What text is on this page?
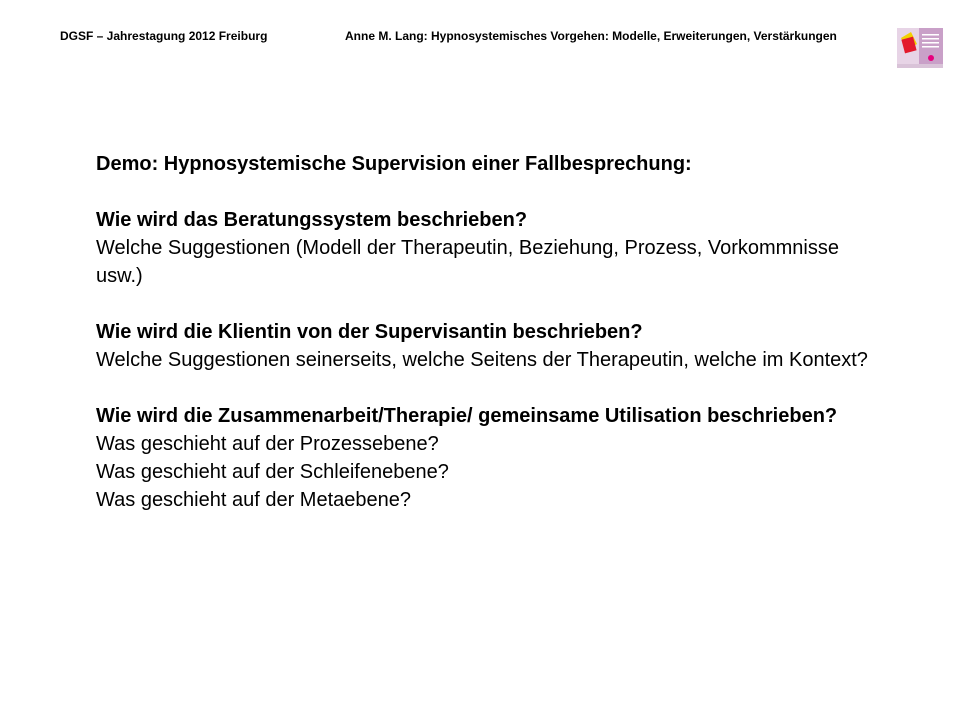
DGSF – Jahrestagung 2012 Freiburg	Anne M. Lang: Hypnosystemisches Vorgehen: Modelle, Erweiterungen, Verstärkungen

Demo: Hypnosystemische Supervision einer Fallbesprechung:

Wie wird das Beratungssystem beschrieben?

Welche Suggestionen (Modell der Therapeutin, Beziehung, Prozess, Vorkommnisse usw.)

Wie wird die Klientin von der Supervisantin beschrieben?

Welche Suggestionen seinerseits, welche Seitens der Therapeutin, welche im Kontext?

Wie wird die Zusammenarbeit/Therapie/ gemeinsame Utilisation beschrieben?

Was geschieht auf der Prozessebene?

Was geschieht auf der Schleifenebene?

Was geschieht auf der Metaebene?
